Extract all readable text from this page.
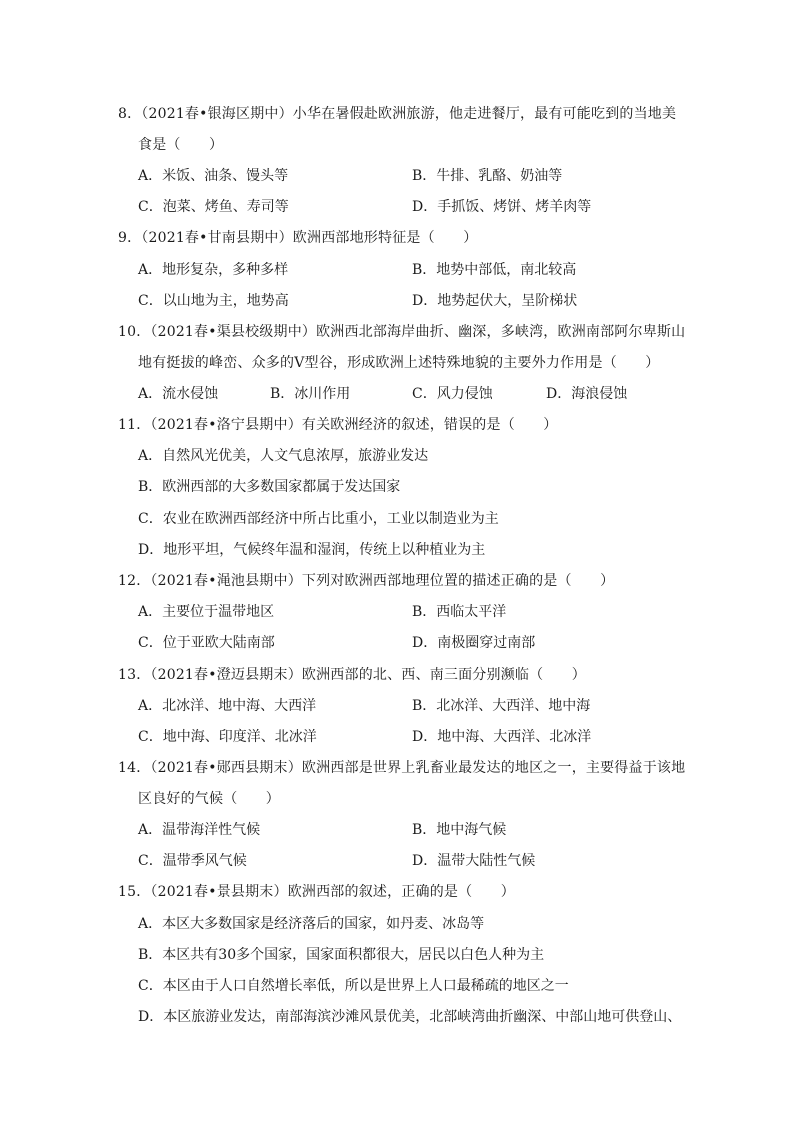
8．（2021春•银海区期中）小华在暑假赴欧洲旅游，他走进餐厅，最有可能吃到的当地美
食是（　　）
A．米饭、油条、馒头等	B．牛排、乳酪、奶油等
C．泡菜、烤鱼、寿司等	D．手抓饭、烤饼、烤羊肉等
9．（2021春•甘南县期中）欧洲西部地形特征是（　　）
A．地形复杂，多种多样	B．地势中部低，南北较高
C．以山地为主，地势高	D．地势起伏大，呈阶梯状
10．（2021春•渠县校级期中）欧洲西北部海岸曲折、幽深，多峡湾，欧洲南部阿尔卑斯山
地有挺拔的峰峦、众多的V型谷，形成欧洲上述特殊地貌的主要外力作用是（　　）
A．流水侵蚀	B．冰川作用	C．风力侵蚀	D．海浪侵蚀
11．（2021春•洛宁县期中）有关欧洲经济的叙述，错误的是（　　）
A．自然风光优美，人文气息浓厚，旅游业发达
B．欧洲西部的大多数国家都属于发达国家
C．农业在欧洲西部经济中所占比重小，工业以制造业为主
D．地形平坦，气候终年温和湿润，传统上以种植业为主
12．（2021春•渑池县期中）下列对欧洲西部地理位置的描述正确的是（　　）
A．主要位于温带地区	B．西临太平洋
C．位于亚欧大陆南部	D．南极圈穿过南部
13．（2021春•澄迈县期末）欧洲西部的北、西、南三面分别濒临（　　）
A．北冰洋、地中海、大西洋	B．北冰洋、大西洋、地中海
C．地中海、印度洋、北冰洋	D．地中海、大西洋、北冰洋
14．（2021春•郧西县期末）欧洲西部是世界上乳畜业最发达的地区之一，主要得益于该地
区良好的气候（　　）
A．温带海洋性气候	B．地中海气候
C．温带季风气候	D．温带大陆性气候
15．（2021春•景县期末）欧洲西部的叙述，正确的是（　　）
A．本区大多数国家是经济落后的国家，如丹麦、冰岛等
B．本区共有30多个国家，国家面积都很大，居民以白色人种为主
C．本区由于人口自然增长率低，所以是世界上人口最稀疏的地区之一
D．本区旅游业发达，南部海滨沙滩风景优美，北部峡湾曲折幽深、中部山地可供登山、
